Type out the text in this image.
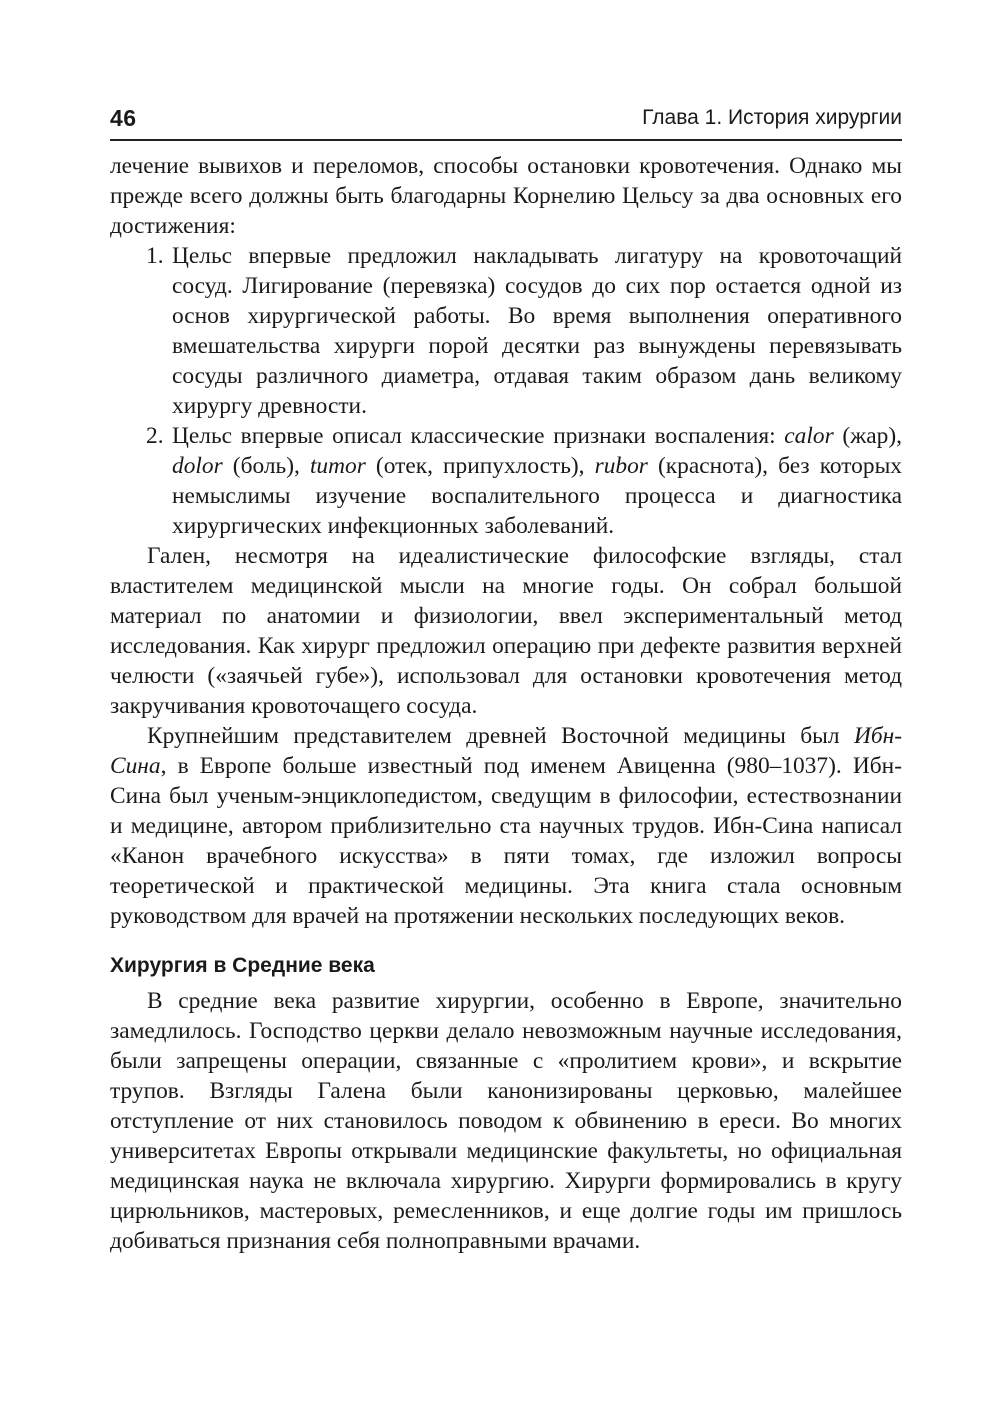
46	Глава 1. История хирургии

лечение вывихов и переломов, способы остановки кровотечения. Однако мы прежде всего должны быть благодарны Корнелию Цельсу за два основных его достижения:

1. Цельс впервые предложил накладывать лигатуру на кровоточащий сосуд. Лигирование (перевязка) сосудов до сих пор остается одной из основ хирургической работы. Во время выполнения оперативного вмешательства хирурги порой десятки раз вынуждены перевязывать сосуды различного диаметра, отдавая таким образом дань великому хирургу древности.
2. Цельс впервые описал классические признаки воспаления: calor (жар), dolor (боль), tumor (отек, припухлость), rubor (краснота), без которых немыслимы изучение воспалительного процесса и диагностика хирургических инфекционных заболеваний.

Гален, несмотря на идеалистические философские взгляды, стал властителем медицинской мысли на многие годы. Он собрал большой материал по анатомии и физиологии, ввел экспериментальный метод исследования. Как хирург предложил операцию при дефекте развития верхней челюсти («заячьей губе»), использовал для остановки кровотечения метод закручивания кровоточащего сосуда.

Крупнейшим представителем древней Восточной медицины был Ибн-Сина, в Европе больше известный под именем Авиценна (980–1037). Ибн-Сина был ученым-энциклопедистом, сведущим в философии, естествознании и медицине, автором приблизительно ста научных трудов. Ибн-Сина написал «Канон врачебного искусства» в пяти томах, где изложил вопросы теоретической и практической медицины. Эта книга стала основным руководством для врачей на протяжении нескольких последующих веков.

Хирургия в Средние века

В средние века развитие хирургии, особенно в Европе, значительно замедлилось. Господство церкви делало невозможным научные исследования, были запрещены операции, связанные с «пролитием крови», и вскрытие трупов. Взгляды Галена были канонизированы церковью, малейшее отступление от них становилось поводом к обвинению в ереси. Во многих университетах Европы открывали медицинские факультеты, но официальная медицинская наука не включала хирургию. Хирурги формировались в кругу цирюльников, мастеровых, ремесленников, и еще долгие годы им пришлось добиваться признания себя полноправными врачами.
